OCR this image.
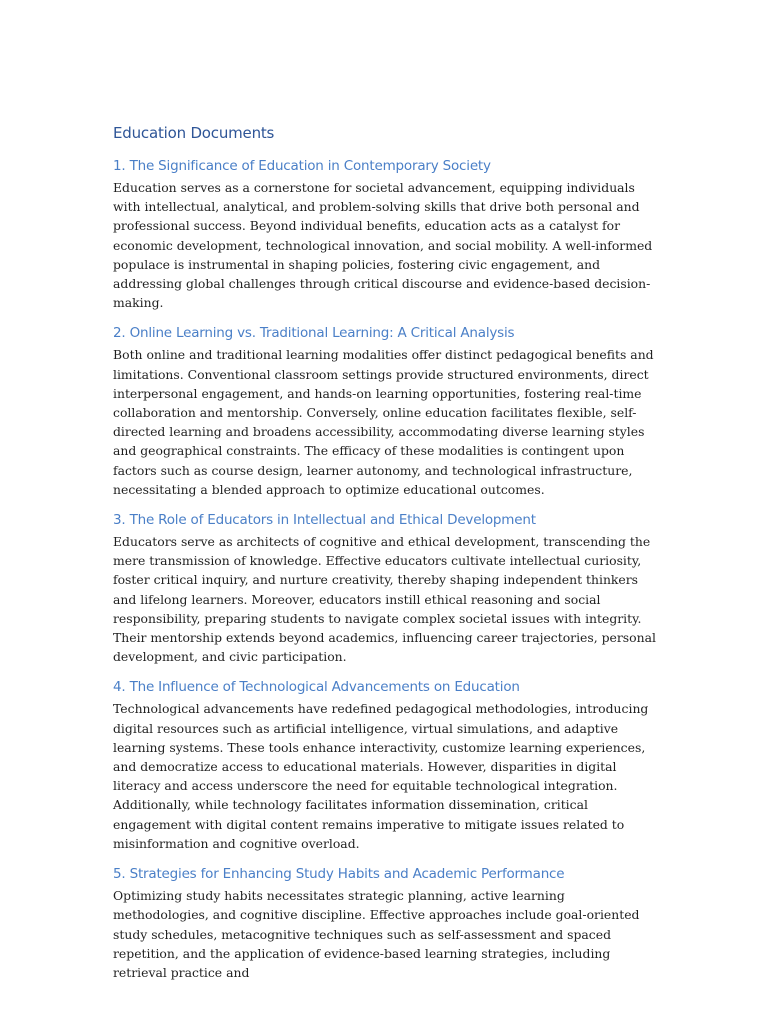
Education Documents
1. The Significance of Education in Contemporary Society

Education serves as a cornerstone for societal advancement, equipping individuals with intellectual, analytical, and problem-solving skills that drive both personal and professional success. Beyond individual benefits, education acts as a catalyst for economic development, technological innovation, and social mobility. A well-informed populace is instrumental in shaping policies, fostering civic engagement, and addressing global challenges through critical discourse and evidence-based decision-making.

2. Online Learning vs. Traditional Learning: A Critical Analysis

Both online and traditional learning modalities offer distinct pedagogical benefits and limitations. Conventional classroom settings provide structured environments, direct interpersonal engagement, and hands-on learning opportunities, fostering real-time collaboration and mentorship. Conversely, online education facilitates flexible, self-directed learning and broadens accessibility, accommodating diverse learning styles and geographical constraints. The efficacy of these modalities is contingent upon factors such as course design, learner autonomy, and technological infrastructure, necessitating a blended approach to optimize educational outcomes.

3. The Role of Educators in Intellectual and Ethical Development

Educators serve as architects of cognitive and ethical development, transcending the mere transmission of knowledge. Effective educators cultivate intellectual curiosity, foster critical inquiry, and nurture creativity, thereby shaping independent thinkers and lifelong learners. Moreover, educators instill ethical reasoning and social responsibility, preparing students to navigate complex societal issues with integrity. Their mentorship extends beyond academics, influencing career trajectories, personal development, and civic participation.

4. The Influence of Technological Advancements on Education

Technological advancements have redefined pedagogical methodologies, introducing digital resources such as artificial intelligence, virtual simulations, and adaptive learning systems. These tools enhance interactivity, customize learning experiences, and democratize access to educational materials. However, disparities in digital literacy and access underscore the need for equitable technological integration. Additionally, while technology facilitates information dissemination, critical engagement with digital content remains imperative to mitigate issues related to misinformation and cognitive overload.

5. Strategies for Enhancing Study Habits and Academic Performance

Optimizing study habits necessitates strategic planning, active learning methodologies, and cognitive discipline. Effective approaches include goal-oriented study schedules, metacognitive techniques such as self-assessment and spaced repetition, and the application of evidence-based learning strategies, including retrieval practice and
